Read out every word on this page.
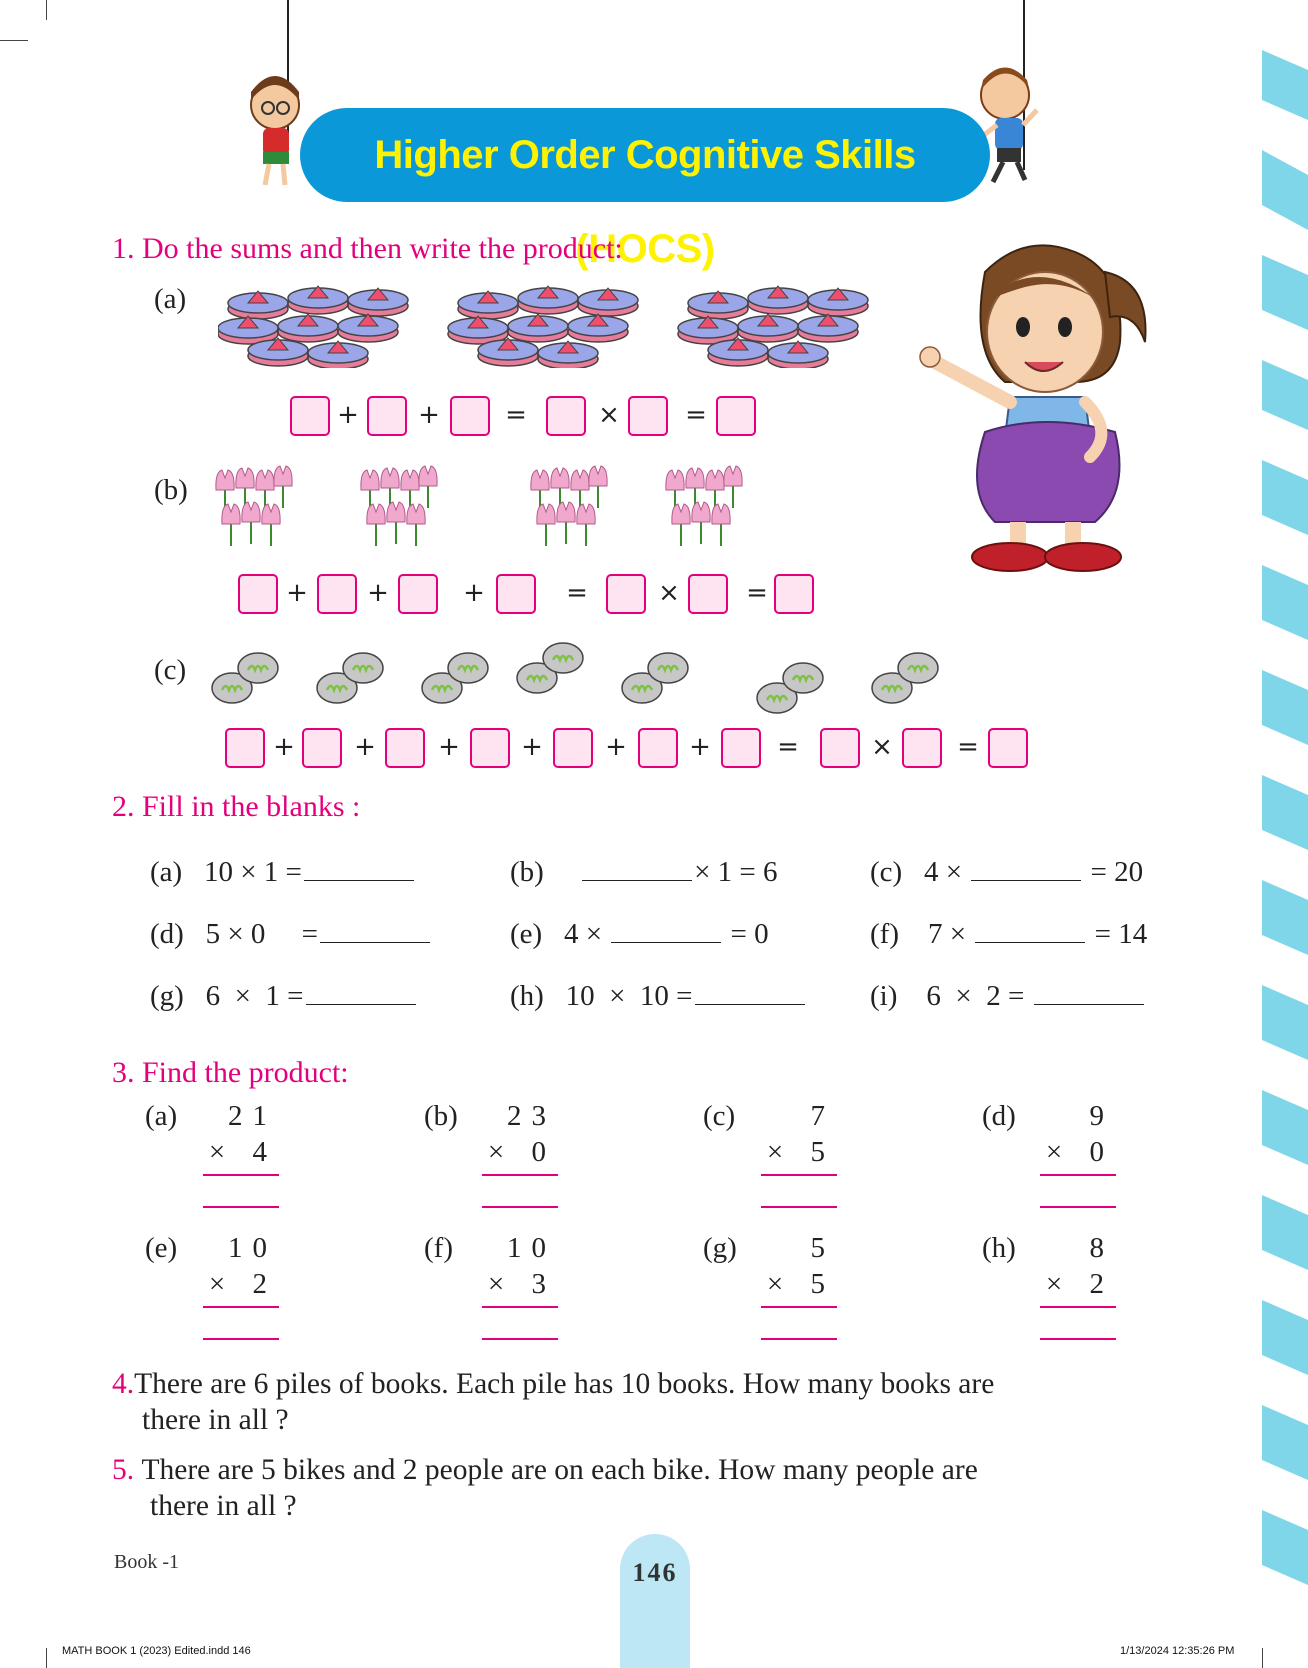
Higher Order Cognitive Skills (HOCS)
1. Do the sums and then write the product:
(a)
+ +	=	×	=
(b)
+ +	+	=	×	=
(c)
+ + + + + +	=	× =
2. Fill in the blanks :
(a) 10 × 1 =	(b)	× 1 = 6	(c) 4 ×	= 20
(d) 5 × 0     =	(e) 4 ×	= 0	(f) 7 ×	= 14
(g) 6  ×  1 =	(h) 10  ×  10 =	(i) 6  ×  2 =
3. Find the product:
(a)	21
× 4
(b)	23
× 0
(c)	7
× 5
(d)	9
× 0
(e)	10
× 2
(f)	10
× 3
(g)	5
× 5
(h)	8
× 2
4.There are 6 piles of books. Each pile has 10 books. How many books are
there in all ?
5. There are 5 bikes and 2 people are on each bike. How many people are
there in all ?
Book -1	146
MATH BOOK 1 (2023) Edited.indd 146	1/13/2024 12:35:26 PM
